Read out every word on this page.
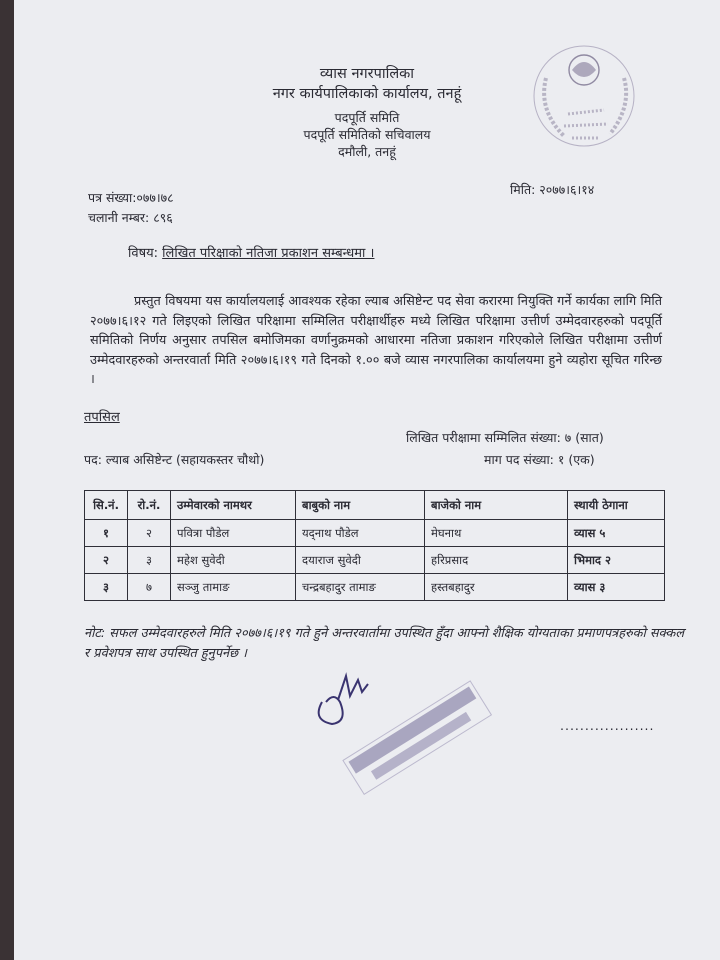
व्यास नगरपालिका
नगर कार्यपालिकाको कार्यालय, तनहूं
पदपूर्ति समिति
पदपूर्ति समितिको सचिवालय
दमौली, तनहूं
पत्र संख्या:०७७।७८
चलानी नम्बर: ८९६
मिति: २०७७।६।१४
विषय: लिखित परिक्षाको नतिजा प्रकाशन सम्बन्धमा ।
प्रस्तुत विषयमा यस कार्यालयलाई आवश्यक रहेका ल्याब असिष्टेन्ट पद सेवा करारमा नियुक्ति गर्ने कार्यका लागि मिति २०७७।६।१२ गते लिइएको लिखित परिक्षामा सम्मिलित परीक्षार्थीहरु मध्ये लिखित परिक्षामा उत्तीर्ण उम्मेदवारहरुको पदपूर्ति समितिको निर्णय अनुसार तपसिल बमोजिमका वर्णानुक्रमको आधारमा नतिजा प्रकाशन गरिएकोले लिखित परीक्षामा उत्तीर्ण उम्मेदवारहरुको अन्तरवार्ता मिति २०७७।६।१९ गते दिनको १.०० बजे व्यास नगरपालिका कार्यालयमा हुने व्यहोरा सूचित गरिन्छ ।
तपसिल
लिखित परीक्षामा सम्मिलित संख्या: ७ (सात)
पद: ल्याब असिष्टेन्ट (सहायकस्तर चौथो)	माग पद संख्या: १ (एक)
सि.नं.	रो.नं.	उम्मेवारको नामथर	बाबुको नाम	बाजेको नाम	स्थायी ठेगाना
१	२	पवित्रा पौडेल	यद्नाथ पौडेल	मेघनाथ	व्यास ५
२	३	महेश सुवेदी	दयाराज सुवेदी	हरिप्रसाद	भिमाद २
३	७	सञ्जु तामाङ	चन्द्रबहादुर तामाङ	हस्तबहादुर	व्यास ३
नोट: सफल उम्मेदवारहरुले मिति २०७७।६।१९ गते हुने अन्तरवार्तामा उपस्थित हुँदा आफ्नो शैक्षिक योग्यताका प्रमाणपत्रहरुको सक्कल र प्रवेशपत्र साथ उपस्थित हुनुपर्नेछ ।
...................
